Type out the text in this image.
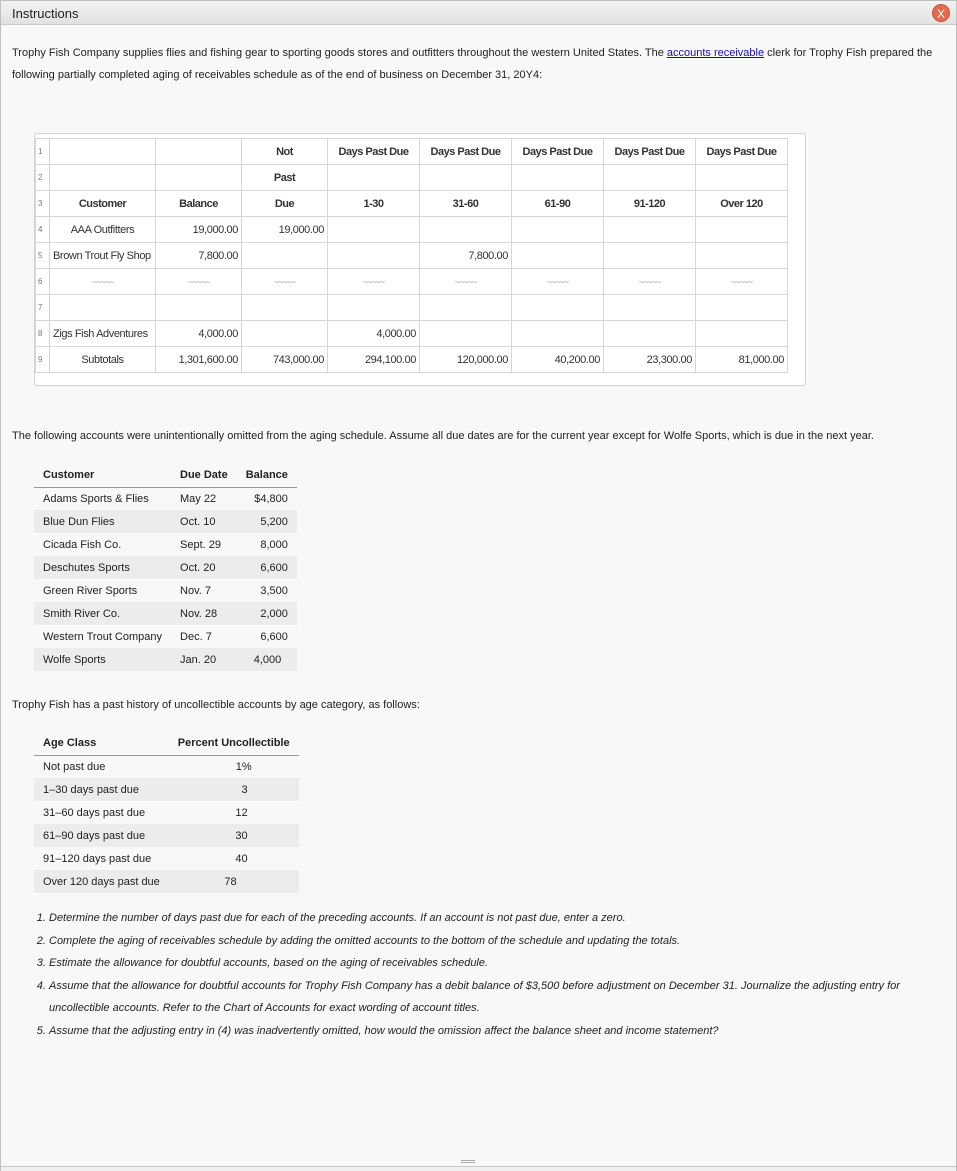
Instructions	X

Trophy Fish Company supplies flies and fishing gear to sporting goods stores and outfitters throughout the western United States. The accounts receivable clerk for Trophy Fish prepared the following partially completed aging of receivables schedule as of the end of business on December 31, 20Y4:

1			Not	Days Past Due	Days Past Due	Days Past Due	Days Past Due	Days Past Due
2			Past					
3	Customer	Balance	Due	1-30	31-60	61-90	91-120	Over 120
4	AAA Outfitters	19,000.00	19,000.00					
5	Brown Trout Fly Shop	7,800.00			7,800.00			
6	~~~~~	~~~~~	~~~~~	~~~~~	~~~~~	~~~~~	~~~~~	~~~~~
7								
8	Zigs Fish Adventures	4,000.00		4,000.00				
9	Subtotals	1,301,600.00	743,000.00	294,100.00	120,000.00	40,200.00	23,300.00	81,000.00

The following accounts were unintentionally omitted from the aging schedule. Assume all due dates are for the current year except for Wolfe Sports, which is due in the next year.

Customer	Due Date	Balance
Adams Sports & Flies	May 22	$4,800
Blue Dun Flies	Oct. 10	5,200
Cicada Fish Co.	Sept. 29	8,000
Deschutes Sports	Oct. 20	6,600
Green River Sports	Nov. 7	3,500
Smith River Co.	Nov. 28	2,000
Western Trout Company	Dec. 7	6,600
Wolfe Sports	Jan. 20	4,000

Trophy Fish has a past history of uncollectible accounts by age category, as follows:

Age Class	Percent Uncollectible
Not past due	1%
1–30 days past due	3
31–60 days past due	12
61–90 days past due	30
91–120 days past due	40
Over 120 days past due	78
1. Determine the number of days past due for each of the preceding accounts. If an account is not past due, enter a zero.
2. Complete the aging of receivables schedule by adding the omitted accounts to the bottom of the schedule and updating the totals.
3. Estimate the allowance for doubtful accounts, based on the aging of receivables schedule.
4. Assume that the allowance for doubtful accounts for Trophy Fish Company has a debit balance of $3,500 before adjustment on December 31. Journalize the adjusting entry for uncollectible accounts. Refer to the Chart of Accounts for exact wording of account titles.
5. Assume that the adjusting entry in (4) was inadvertently omitted, how would the omission affect the balance sheet and income statement?
